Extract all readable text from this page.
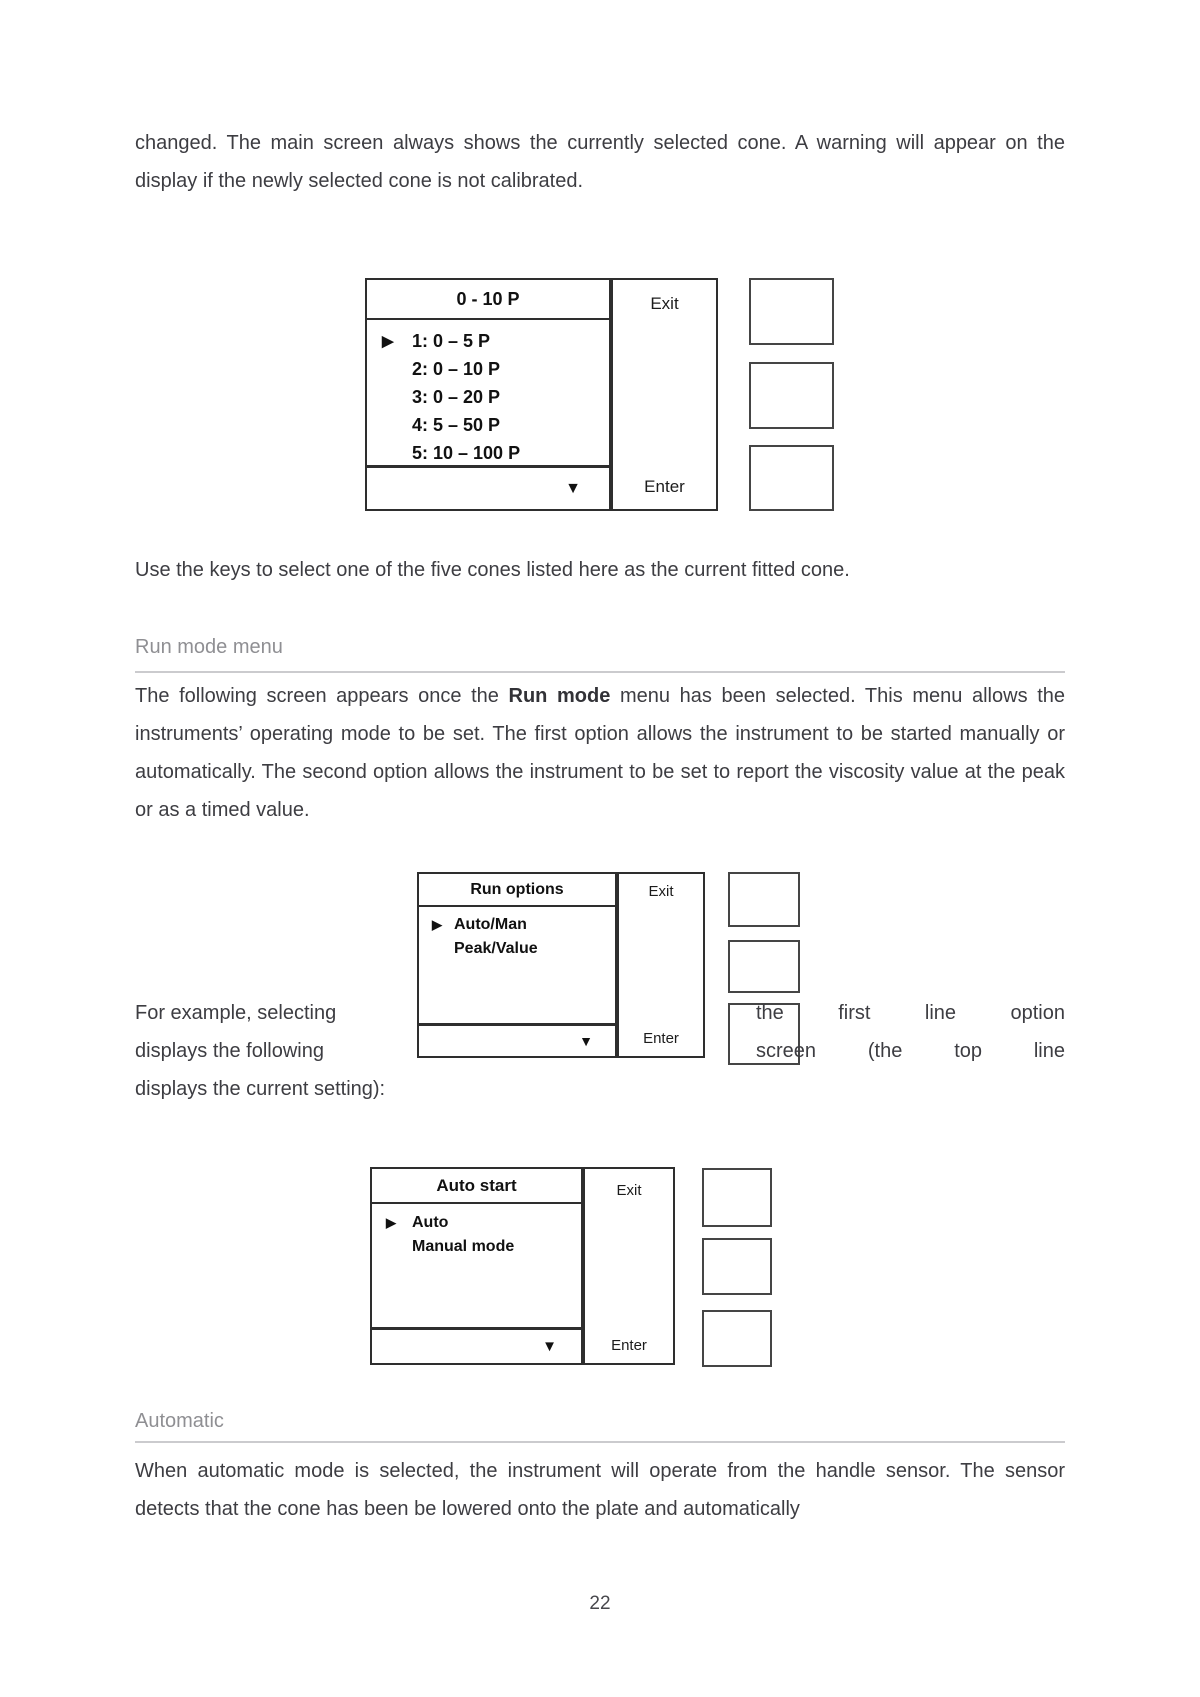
changed. The main screen always shows the currently selected cone. A warning will appear on the display if the newly selected cone is not calibrated.
0 - 10 P
▶	1: 0 – 5 P
2: 0 – 10 P
3: 0 – 20 P
4: 5 – 50 P
5: 10 – 100 P
▼
Exit
Enter
Use the keys to select one of the five cones listed here as the current fitted cone.
Run mode menu
The following screen appears once the Run mode menu has been selected. This menu allows the instruments’ operating mode to be set. The first option allows the instrument to be started manually or automatically. The second option allows the instrument to be set to report the viscosity value at the peak or as a timed value.
Run options
▶ Auto/Man
Peak/Value
▼
Exit
Enter
For example, selecting
displays the following
displays the current setting):
the first line option
screen (the top line
Auto start
▶	Auto
Manual mode
▼
Exit
Enter
Automatic
When automatic mode is selected, the instrument will operate from the handle sensor. The sensor detects that the cone has been be lowered onto the plate and automatically
22
